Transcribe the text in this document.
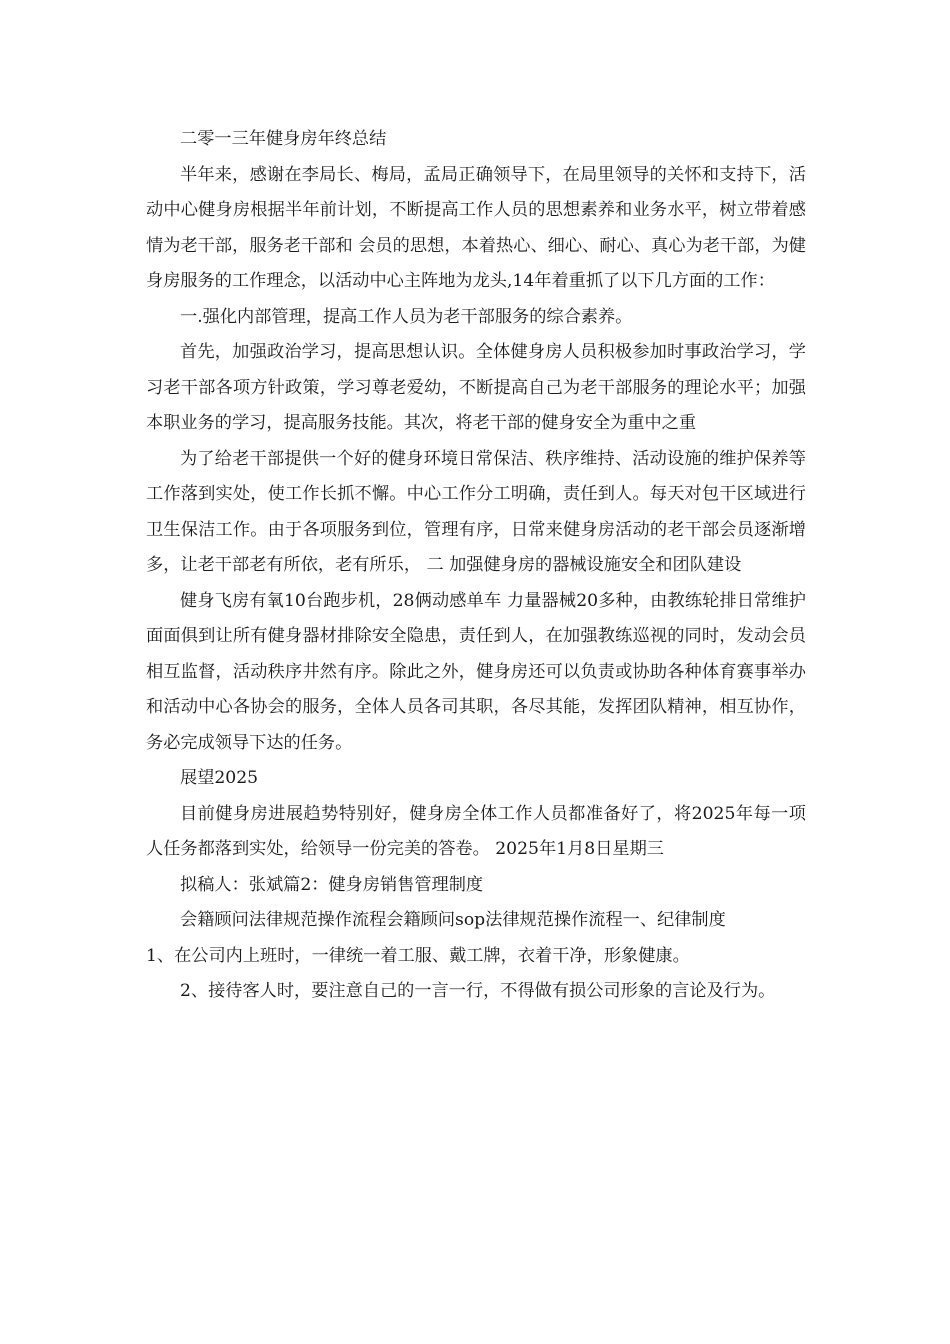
二零一三年健身房年终总结

半年来，感谢在李局长、梅局，孟局正确领导下，在局里领导的关怀和支持下，活动中心健身房根据半年前计划，不断提高工作人员的思想素养和业务水平，树立带着感情为老干部，服务老干部和 会员的思想，本着热心、细心、耐心、真心为老干部，为健身房服务的工作理念，以活动中心主阵地为龙头,14年着重抓了以下几方面的工作：

一.强化内部管理，提高工作人员为老干部服务的综合素养。

首先，加强政治学习，提高思想认识。全体健身房人员积极参加时事政治学习，学习老干部各项方针政策，学习尊老爱幼，不断提高自己为老干部服务的理论水平；加强本职业务的学习，提高服务技能。其次，将老干部的健身安全为重中之重

为了给老干部提供一个好的健身环境日常保洁、秩序维持、活动设施的维护保养等工作落到实处，使工作长抓不懈。中心工作分工明确，责任到人。每天对包干区域进行卫生保洁工作。由于各项服务到位，管理有序，日常来健身房活动的老干部会员逐渐增多，让老干部老有所依，老有所乐， 二 加强健身房的器械设施安全和团队建设

健身飞房有氧10台跑步机，28俩动感单车 力量器械20多种，由教练轮排日常维护面面俱到让所有健身器材排除安全隐患，责任到人，在加强教练巡视的同时，发动会员相互监督，活动秩序井然有序。除此之外，健身房还可以负责或协助各种体育赛事举办和活动中心各协会的服务，全体人员各司其职，各尽其能，发挥团队精神，相互协作，务必完成领导下达的任务。

展望2025

目前健身房进展趋势特别好，健身房全体工作人员都准备好了，将2025年每一项人任务都落到实处，给领导一份完美的答卷。 2025年1月8日星期三

拟稿人：张斌篇2：健身房销售管理制度

会籍顾问法律规范操作流程会籍顾问sop法律规范操作流程一、纪律制度

1、在公司内上班时，一律统一着工服、戴工牌，衣着干净，形象健康。

2、接待客人时，要注意自己的一言一行，不得做有损公司形象的言论及行为。
